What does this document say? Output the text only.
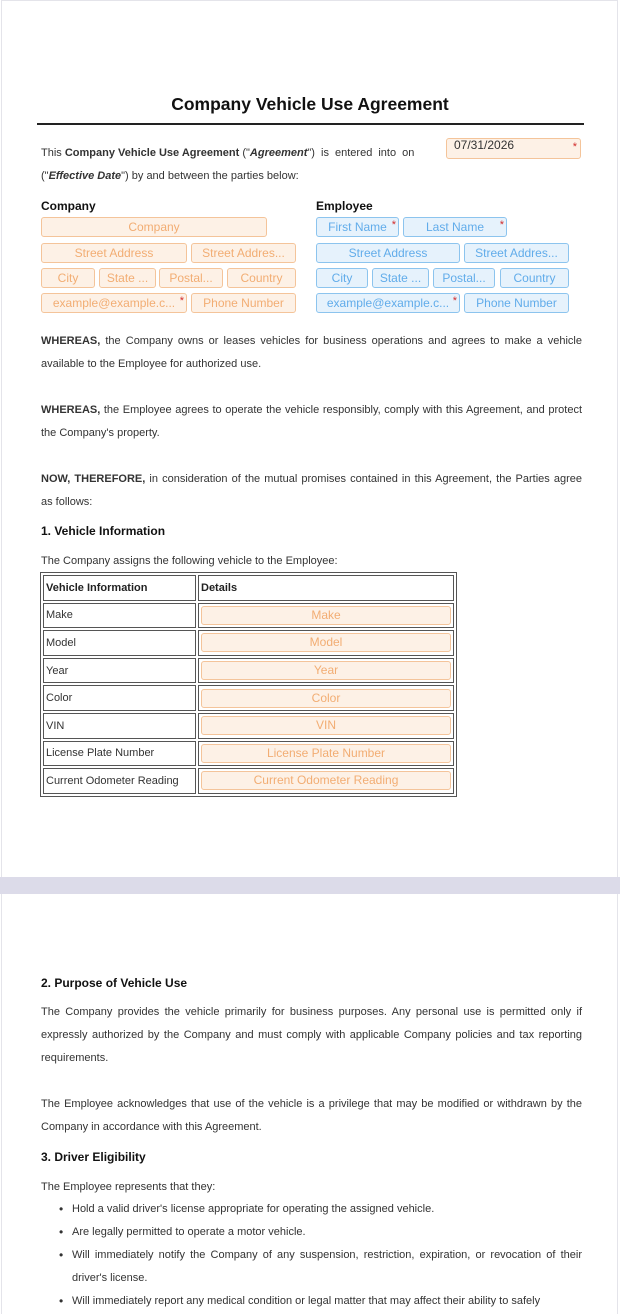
Company Vehicle Use Agreement
This Company Vehicle Use Agreement ("Agreement") is entered into on
07/31/2026	*
("Effective Date") by and between the parties below:
Company
Company
Street Address	Street Addres...
City	State ...	Postal...	Country
example@example.c... *	Phone Number
Employee
First Name *	Last Name *
Street Address	Street Addres...
City	State ...	Postal...	Country
example@example.c... *	Phone Number
WHEREAS, the Company owns or leases vehicles for business operations and agrees to make a vehicle available to the Employee for authorized use.
WHEREAS, the Employee agrees to operate the vehicle responsibly, comply with this Agreement, and protect the Company's property.
NOW, THEREFORE, in consideration of the mutual promises contained in this Agreement, the Parties agree as follows:
1. Vehicle Information
The Company assigns the following vehicle to the Employee:
Vehicle Information	Details
Make	Make

Model	Model

Year	Year

Color	Color

VIN	VIN

License Plate Number	License Plate Number

Current Odometer Reading	Current Odometer Reading
2. Purpose of Vehicle Use
The Company provides the vehicle primarily for business purposes. Any personal use is permitted only if expressly authorized by the Company and must comply with applicable Company policies and tax reporting requirements.
The Employee acknowledges that use of the vehicle is a privilege that may be modified or withdrawn by the Company in accordance with this Agreement.
3. Driver Eligibility
The Employee represents that they:
• Hold a valid driver's license appropriate for operating the assigned vehicle.
• Are legally permitted to operate a motor vehicle.
• Will immediately notify the Company of any suspension, restriction, expiration, or revocation of their driver's license.
• Will immediately report any medical condition or legal matter that may affect their ability to safely
